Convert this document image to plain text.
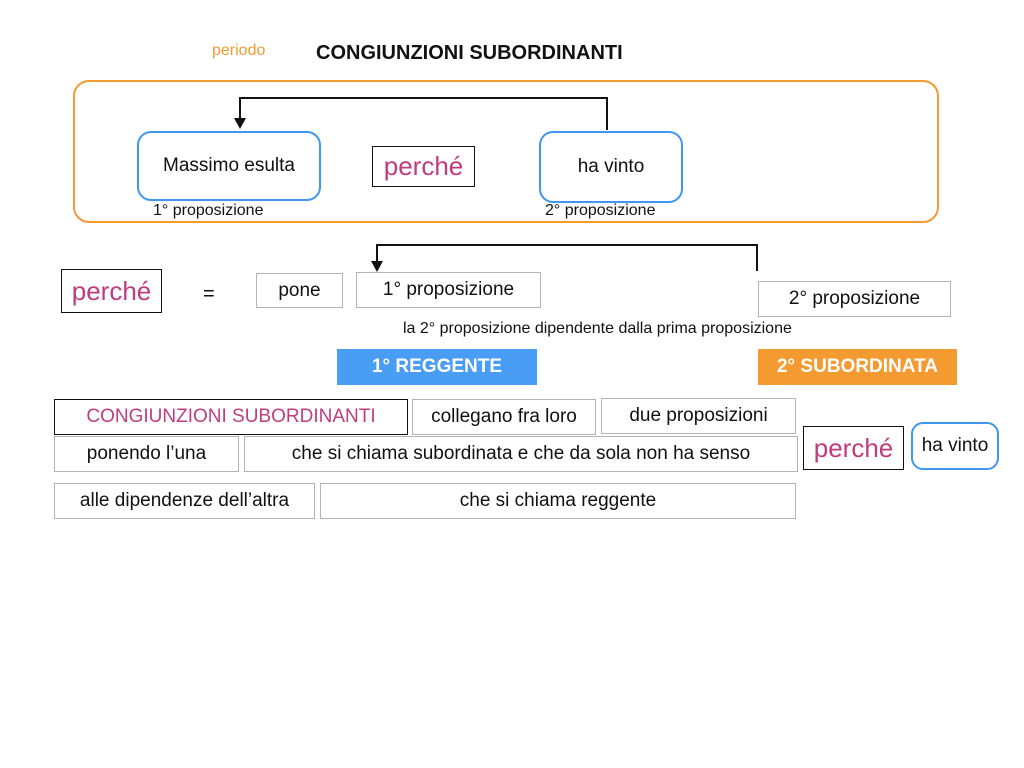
periodo	CONGIUNZIONI SUBORDINANTI
Massimo esulta	perché	ha vinto
1° proposizione	2° proposizione
perché	=	pone	1° proposizione	2° proposizione
la 2° proposizione dipendente dalla prima proposizione
1° REGGENTE	2° SUBORDINATA
CONGIUNZIONI SUBORDINANTI	collegano fra loro	due proposizioni
ponendo l’una	che si chiama subordinata e che da sola non ha senso
alle dipendenze dell’altra	che si chiama reggente
perché	ha vinto
